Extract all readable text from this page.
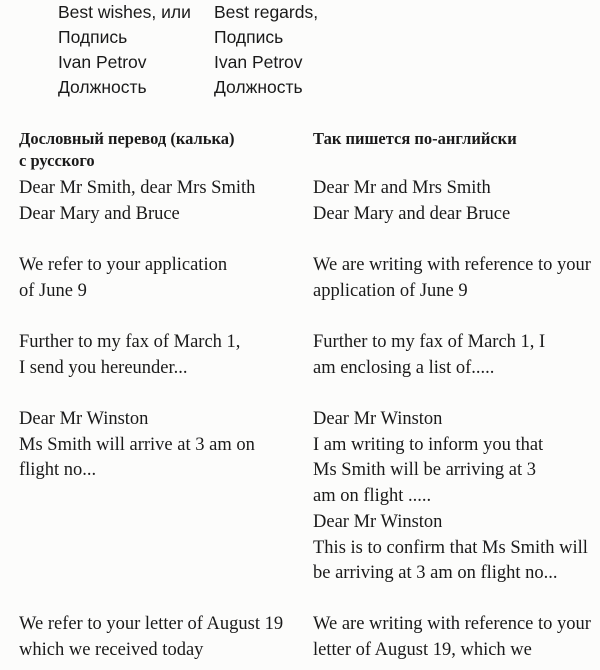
Best wishes, или
Подпись
Ivan Petrov
Должность
Best regards,
Подпись
Ivan Petrov
Должность
Дословный перевод (калька)
с русского
Так пишется по-английски
Dear Mr Smith, dear Mrs Smith
Dear Mary and Bruce
We refer to your application
of June 9
Further to my fax of March 1,
I send you hereunder...
Dear Mr Winston
Ms Smith will arrive at 3 am on
flight no...
We refer to your letter of August 19
which we received today
Dear Mr and Mrs Smith
Dear Mary and dear Bruce
We are writing with reference to your
application of June 9
Further to my fax of March 1, I
am enclosing a list of.....
Dear Mr Winston
I am writing to inform you that
Ms Smith will be arriving at 3
am on flight .....
Dear Mr Winston
This is to confirm that Ms Smith will
be arriving at 3 am on flight no...
We are writing with reference to your
letter of August 19, which we
